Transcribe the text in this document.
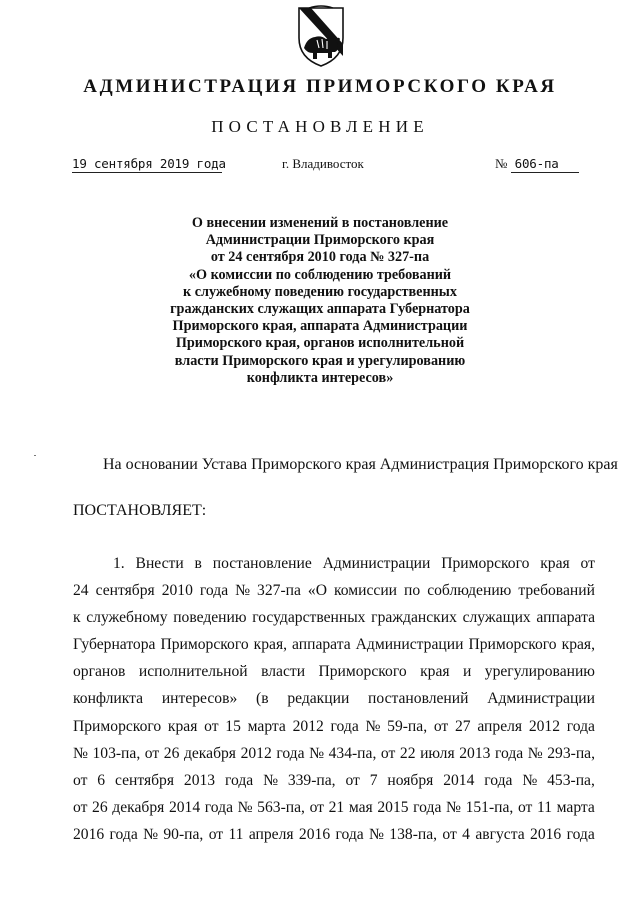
АДМИНИСТРАЦИЯ ПРИМОРСКОГО КРАЯ
ПОСТАНОВЛЕНИЕ
19 сентября 2019 года	г. Владивосток	№ 606-па
О внесении изменений в постановление
Администрации Приморского края
от 24 сентября 2010 года № 327-па
«О комиссии по соблюдению требований
к служебному поведению государственных
гражданских служащих аппарата Губернатора
Приморского края, аппарата Администрации
Приморского края, органов исполнительной
власти Приморского края и урегулированию
конфликта интересов»
На основании Устава Приморского края Администрация Приморского края
ПОСТАНОВЛЯЕТ:
1. Внести в постановление Администрации Приморского края от
24 сентября 2010 года № 327-па «О комиссии по соблюдению требований
к служебному поведению государственных гражданских служащих аппарата
Губернатора Приморского края, аппарата Администрации Приморского края,
органов исполнительной власти Приморского края и урегулированию
конфликта интересов» (в редакции постановлений Администрации
Приморского края от 15 марта 2012 года № 59-па, от 27 апреля 2012 года
№ 103-па, от 26 декабря 2012 года № 434-па, от 22 июля 2013 года № 293-па,
от 6 сентября 2013 года № 339-па, от 7 ноября 2014 года № 453-па,
от 26 декабря 2014 года № 563-па, от 21 мая 2015 года № 151-па, от 11 марта
2016 года № 90-па, от 11 апреля 2016 года № 138-па, от 4 августа 2016 года
